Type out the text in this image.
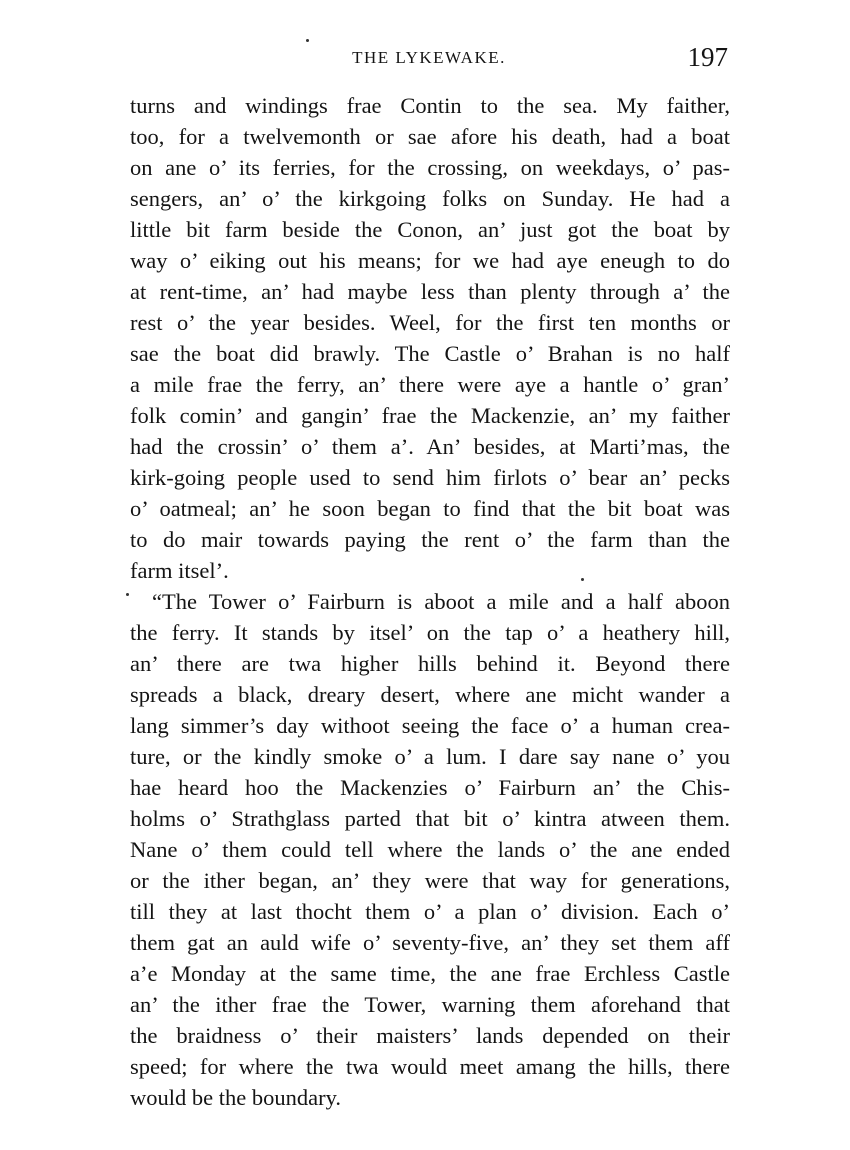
THE LYKEWAKE.	197
turns and windings frae Contin to the sea. My faither,
too, for a twelvemonth or sae afore his death, had a boat
on ane o’ its ferries, for the crossing, on weekdays, o’ pas-
sengers, an’ o’ the kirkgoing folks on Sunday. He had a
little bit farm beside the Conon, an’ just got the boat by
way o’ eiking out his means; for we had aye eneugh to do
at rent-time, an’ had maybe less than plenty through a’ the
rest o’ the year besides. Weel, for the first ten months or
sae the boat did brawly. The Castle o’ Brahan is no half
a mile frae the ferry, an’ there were aye a hantle o’ gran’
folk comin’ and gangin’ frae the Mackenzie, an’ my faither
had the crossin’ o’ them a’. An’ besides, at Marti’mas, the
kirk-going people used to send him firlots o’ bear an’ pecks
o’ oatmeal; an’ he soon began to find that the bit boat was
to do mair towards paying the rent o’ the farm than the
farm itsel’.
“The Tower o’ Fairburn is aboot a mile and a half aboon
the ferry. It stands by itsel’ on the tap o’ a heathery hill,
an’ there are twa higher hills behind it. Beyond there
spreads a black, dreary desert, where ane micht wander a
lang simmer’s day withoot seeing the face o’ a human crea-
ture, or the kindly smoke o’ a lum. I dare say nane o’ you
hae heard hoo the Mackenzies o’ Fairburn an’ the Chis-
holms o’ Strathglass parted that bit o’ kintra atween them.
Nane o’ them could tell where the lands o’ the ane ended
or the ither began, an’ they were that way for generations,
till they at last thocht them o’ a plan o’ division. Each o’
them gat an auld wife o’ seventy-five, an’ they set them aff
a’e Monday at the same time, the ane frae Erchless Castle
an’ the ither frae the Tower, warning them aforehand that
the braidness o’ their maisters’ lands depended on their
speed; for where the twa would meet amang the hills, there
would be the boundary.
